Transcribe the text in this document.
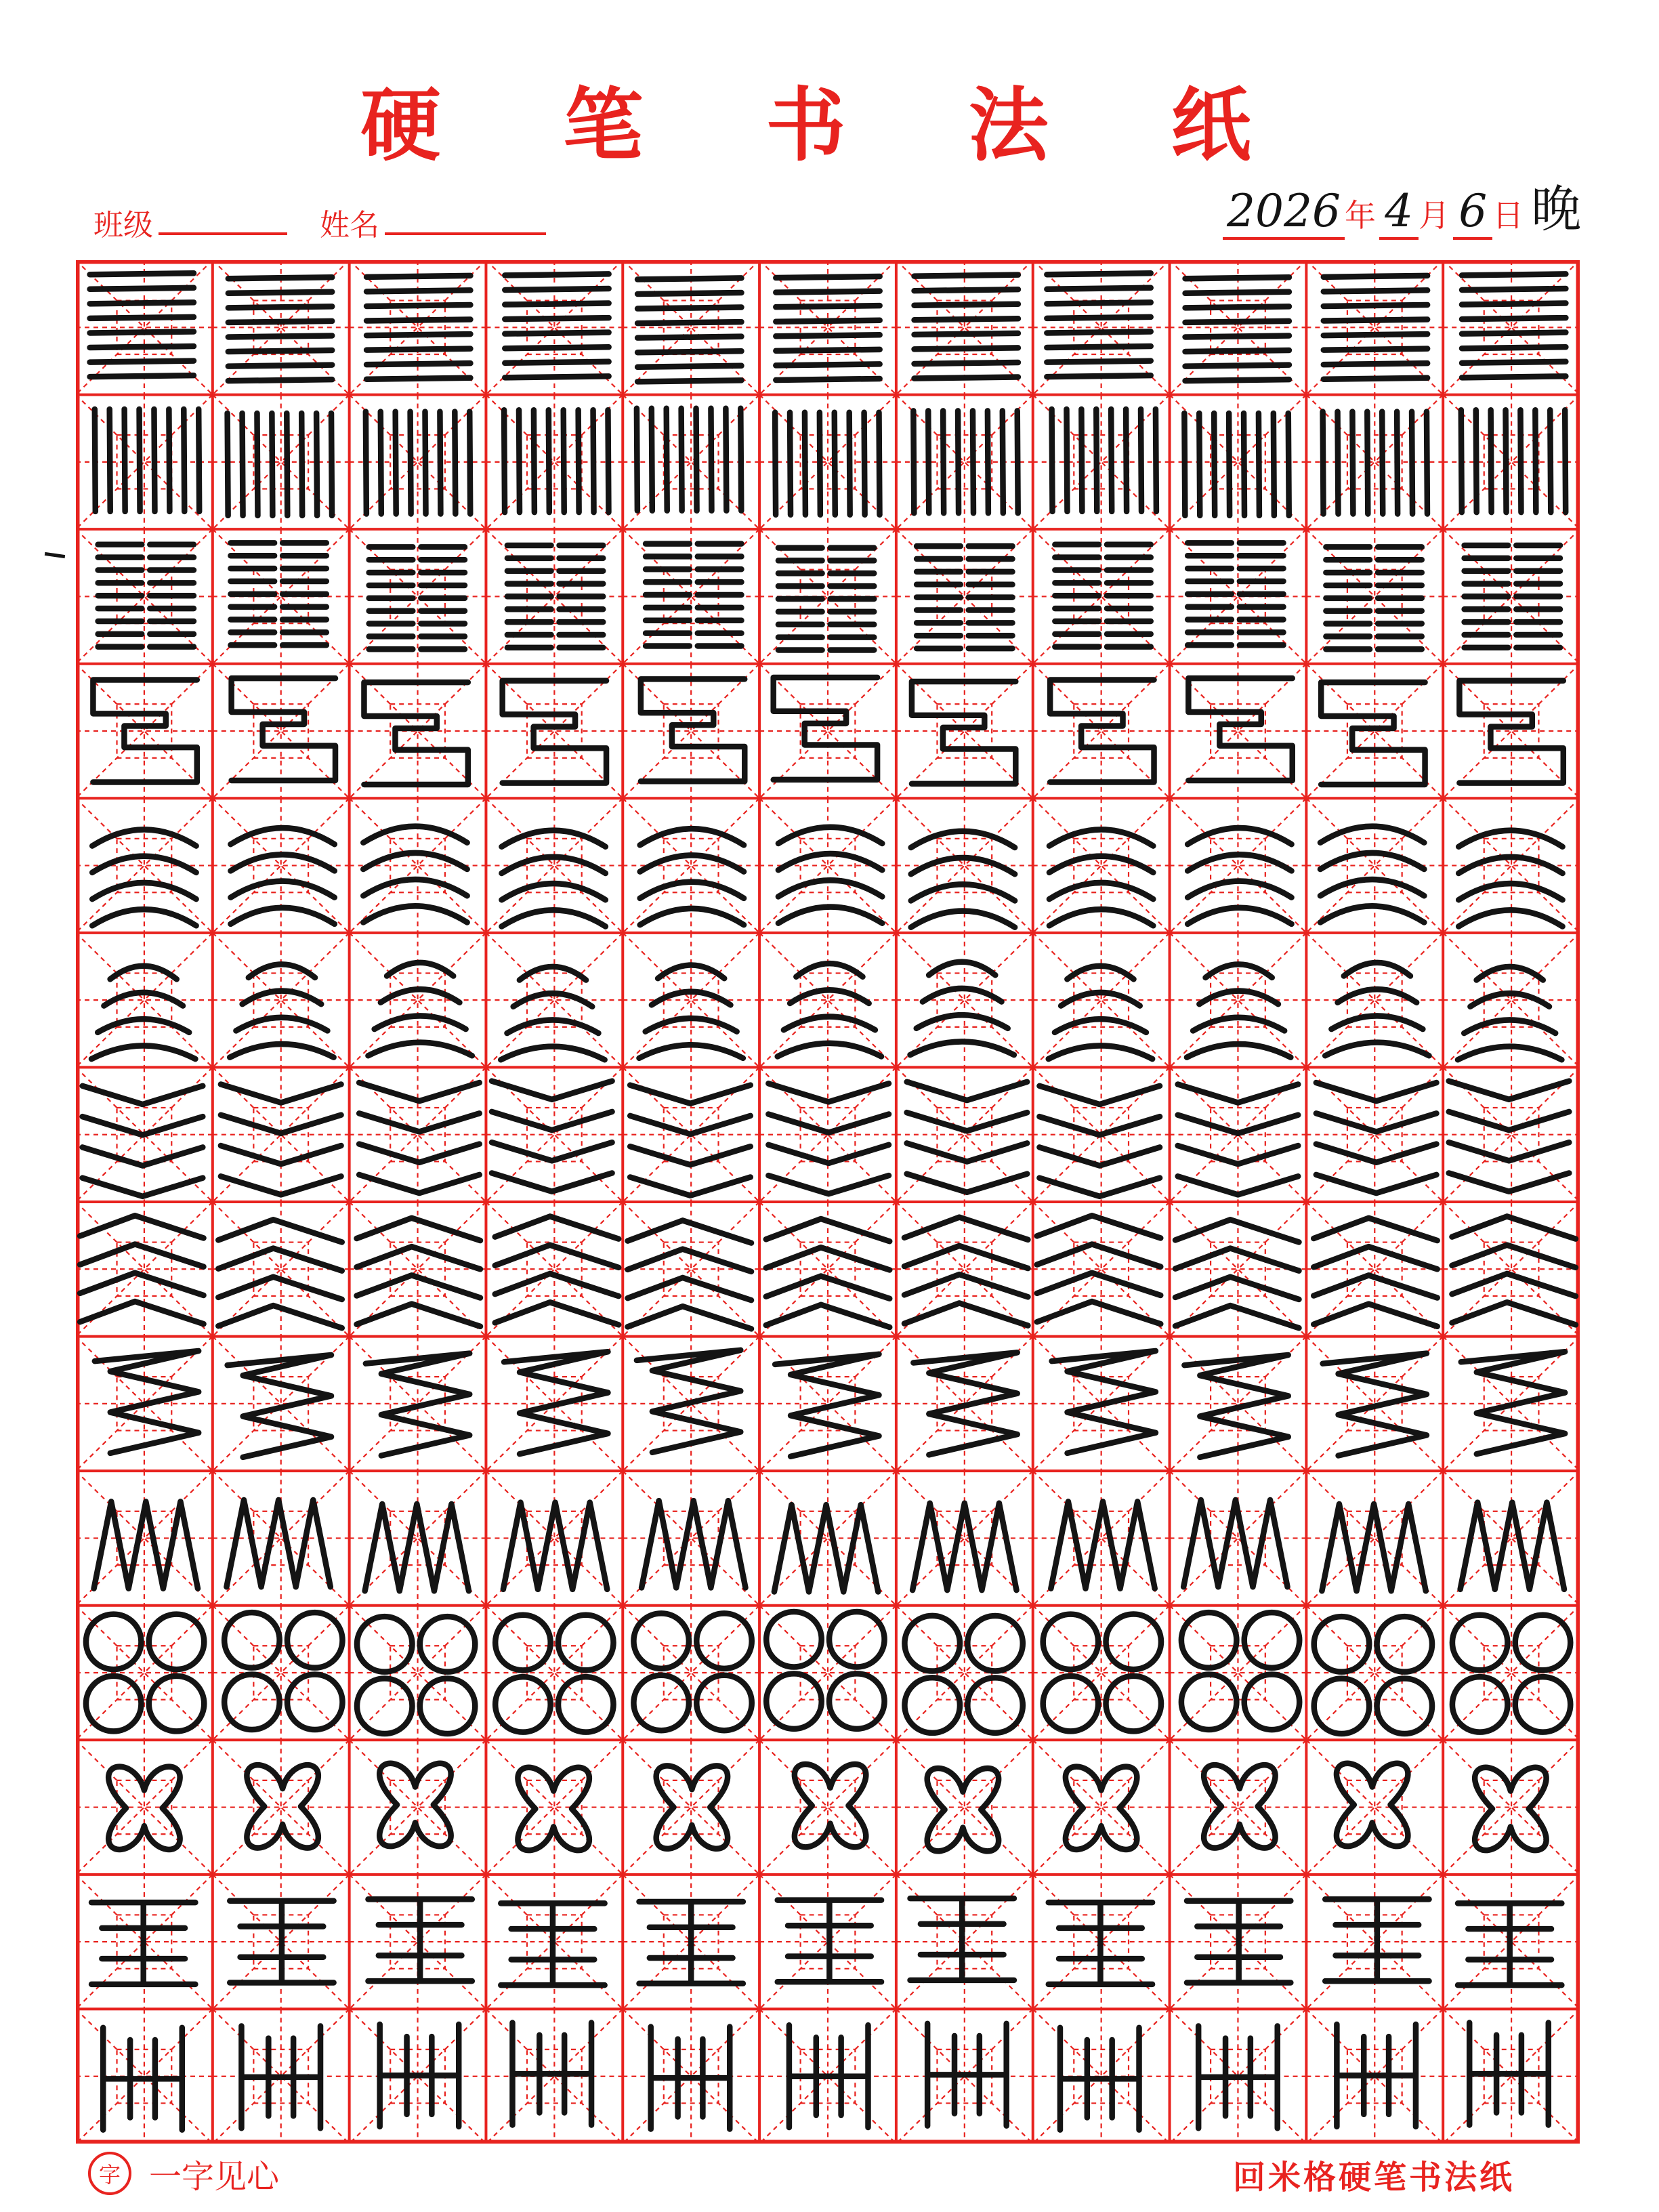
硬 笔 书 法 纸
班级	姓名	2026 年 4 月 6 日 晚
字 一字见心	回米格硬笔书法纸
